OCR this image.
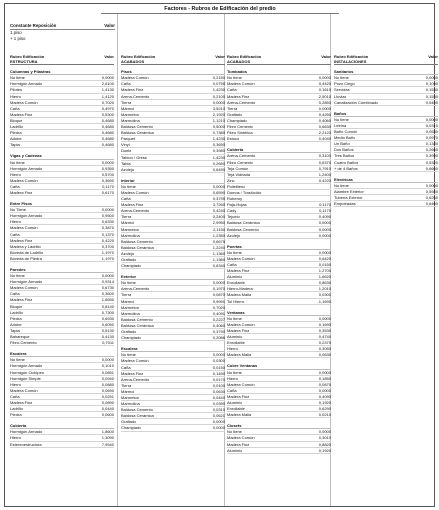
Factores - Rubros de Edificación del predio
Constante Reposición	Valor
1 piso
+ 1 piso
Rubro Edificación	Valor
ESTRUCTURA
Columnas y Pilastras
No tiene	0,0000
Hormigón Armado	2,6100
Pilotes	1,4130
Hierro	1,4120
Madera Común	0,7020
Caña	0,4970
Madera Fina	0,5300
Bloque	0,4680
Ladrillo	0,4680
Piedra	0,4680
Adobe	0,4680
Tapial	0,4680
Vigas y Cadenas
No tiene	0,0000
Hormigón Armado	0,9350
Hierro	0,5700
Madera Común	0,3690
Caña	0,1170
Madera Fina	0,6170
Entre Pisos
No Tiene	0,0000
Hormigón Armado	0,9500
Hierro	0,6330
Madera Común	0,3870
Caña	0,1370
Madera Fina	0,4220
Madera y Ladrillo	0,3700
Bóveda de Ladrillo	1,1970
Bóveda de Piedra	1,1970
Paredes
No tiene	0,0000
Hormigón Armado	0,9314
Madera Común	0,6730
Caña	0,3600
Madera Fina	1,6650
Bloque	0,8140
Ladrillo	0,7300
Piedra	0,6930
Adobe	0,6050
Tapial	0,5130
Bahareque	0,4130
Fibro-Cemento	0,7011
Escalera
No tiene	0,0000
Hormigón Armado	0,1010
Hormigón Ciclópeo	0,0851
Hormigón Simple	0,0940
Hierro	0,0880
Madera Común	0,0690
Caña	0,0251
Madera Fina	0,0890
Ladrillo	0,0440
Piedra	0,0600
Cubierta
Hormigón Armado	1,8600
Hierro	1,3090
Estereoestructura	7,9540
Rubro Edificación	Valor
ACABADOS
Pisos
Madera Común	0,2150
Caña	0,0755
Madera Fina	1,4230
Arena-Cemento	0,2100
Tierra	0,0000
Mármol	3,5210
Marmeton	2,1920
Marmolina	1,1210
Baldosa Cemento	0,5000
Baldosa Cerámica	0,7380
Parquet	1,4230
Vinyl	0,3650
Duela	0,3980
Tablon / Gress	1,4230
Tabla	0,2650
Azulejo	0,6490
Interior
No tiene	0,0000
Madera Común	0,6590
Caña	0,3795
Madera Fina	3,7260
Arena-Cemento	0,4240
Tierra	0,2400
Mármol	2,9950
Marmeton	2,1150
Marmolina	1,2350
Baldosa Cemento	0,6675
Baldosa Cerámica	1,2240
Azulejo	1,1360
Grafiado	1,1360
Champiado	0,6340
Exterior
No tiene	0,0000
Arena-Cemento	0,1970
Tierra	0,0870
Mármol	0,9991
Marmeton	0,7020
Marmolina	0,4091
Baldosa Cemento	0,2227
Baldosa Cerámica	0,4060
Grafiado	0,3790
Champiado	0,2086
Escalera
No tiene	0,0000
Madera Común	0,0300
Caña	0,0150
Madera Fina	0,1490
Arena-Cemento	0,0170
Tierra	0,0100
Mármol	0,0630
Marmeton	0,0440
Marmolina	0,0390
Baldosa Cemento	0,0310
Baldosa Cerámica	0,0621
Grafiado	0,0000
Champiado	0,0000
Rubro Edificación	Valor
ACABADOS
Tumbados
No tiene	0,0000
Madera Común	0,4420
Caña	0,1610
Madera Fina	2,5010
Arena-Cemento	0,2850
Tierra	0,0000
Grafiado	0,4250
Champiado	0,4060
Fibro Cemento	0,6630
Fibro Sintética	2,2120
Estuco	0,4040
Cubierta
Arena-Cemento	0,3100
Fibro Cemento	0,6370
Teja Común	0,7910
Teja Vidriada	1,2400
Zinc	0,4220
Polietileno
Domos / Traslúcido
Ruberoy
Paja-Hojas	0,1170
Cady	0,1170
Tejuelo	0,4090
Baldosa Cerámica	0,0000
Baldosa Cemento	0,0000
Azulejo	0,0000
Puertas
No tiene	0,0000
Madera Común	0,6420
Caña	0,0150
Madera Fina	1,2700
Aluminio	1,6620
Enrollable	0,8630
Hierro-Madera	1,2010
Madera Malla	0,0300
Tol Hierro	1,1690
Ventanas
No tiene	0,0000
Madera Común	0,1690
Madera Fina	0,3530
Aluminio	0,4740
Enrollable	0,2370
Hierro	0,3050
Madera Malla	0,0630
Cubre Ventanas
No tiene	0,0000
Hierro	0,1850
Madera Común	0,0870
Caña	0,0000
Madera Fina	0,4090
Aluminio	0,1920
Enrollable	0,6290
Madera Malla	0,0210
Closets
No tiene	0,0000
Madera Común	0,3010
Madera Fina	0,8820
Aluminio	0,1920
Rubro Edificación	Valor
INSTALACIONES
Sanitarios
No tiene	0,0000
Pozo Ciego	0,1090
Servidas	0,1530
Lluvias	0,1530
Canalización Combinado	0,5490
Baños
No tiene	0,0000
Letrina	0,0310
Baño Común	0,0530
Medio Baño	0,0970
Un Baño	0,1330
Dos Baños	0,2660
Tres Baños	0,3990
Cuatro Baños	0,5320
+ de 4 Baños	0,6660
Eléctricas
No tiene	0,0000
Alambre Exterior	0,5940
Tubería Exterior	0,6250
Empotradas	0,6460
